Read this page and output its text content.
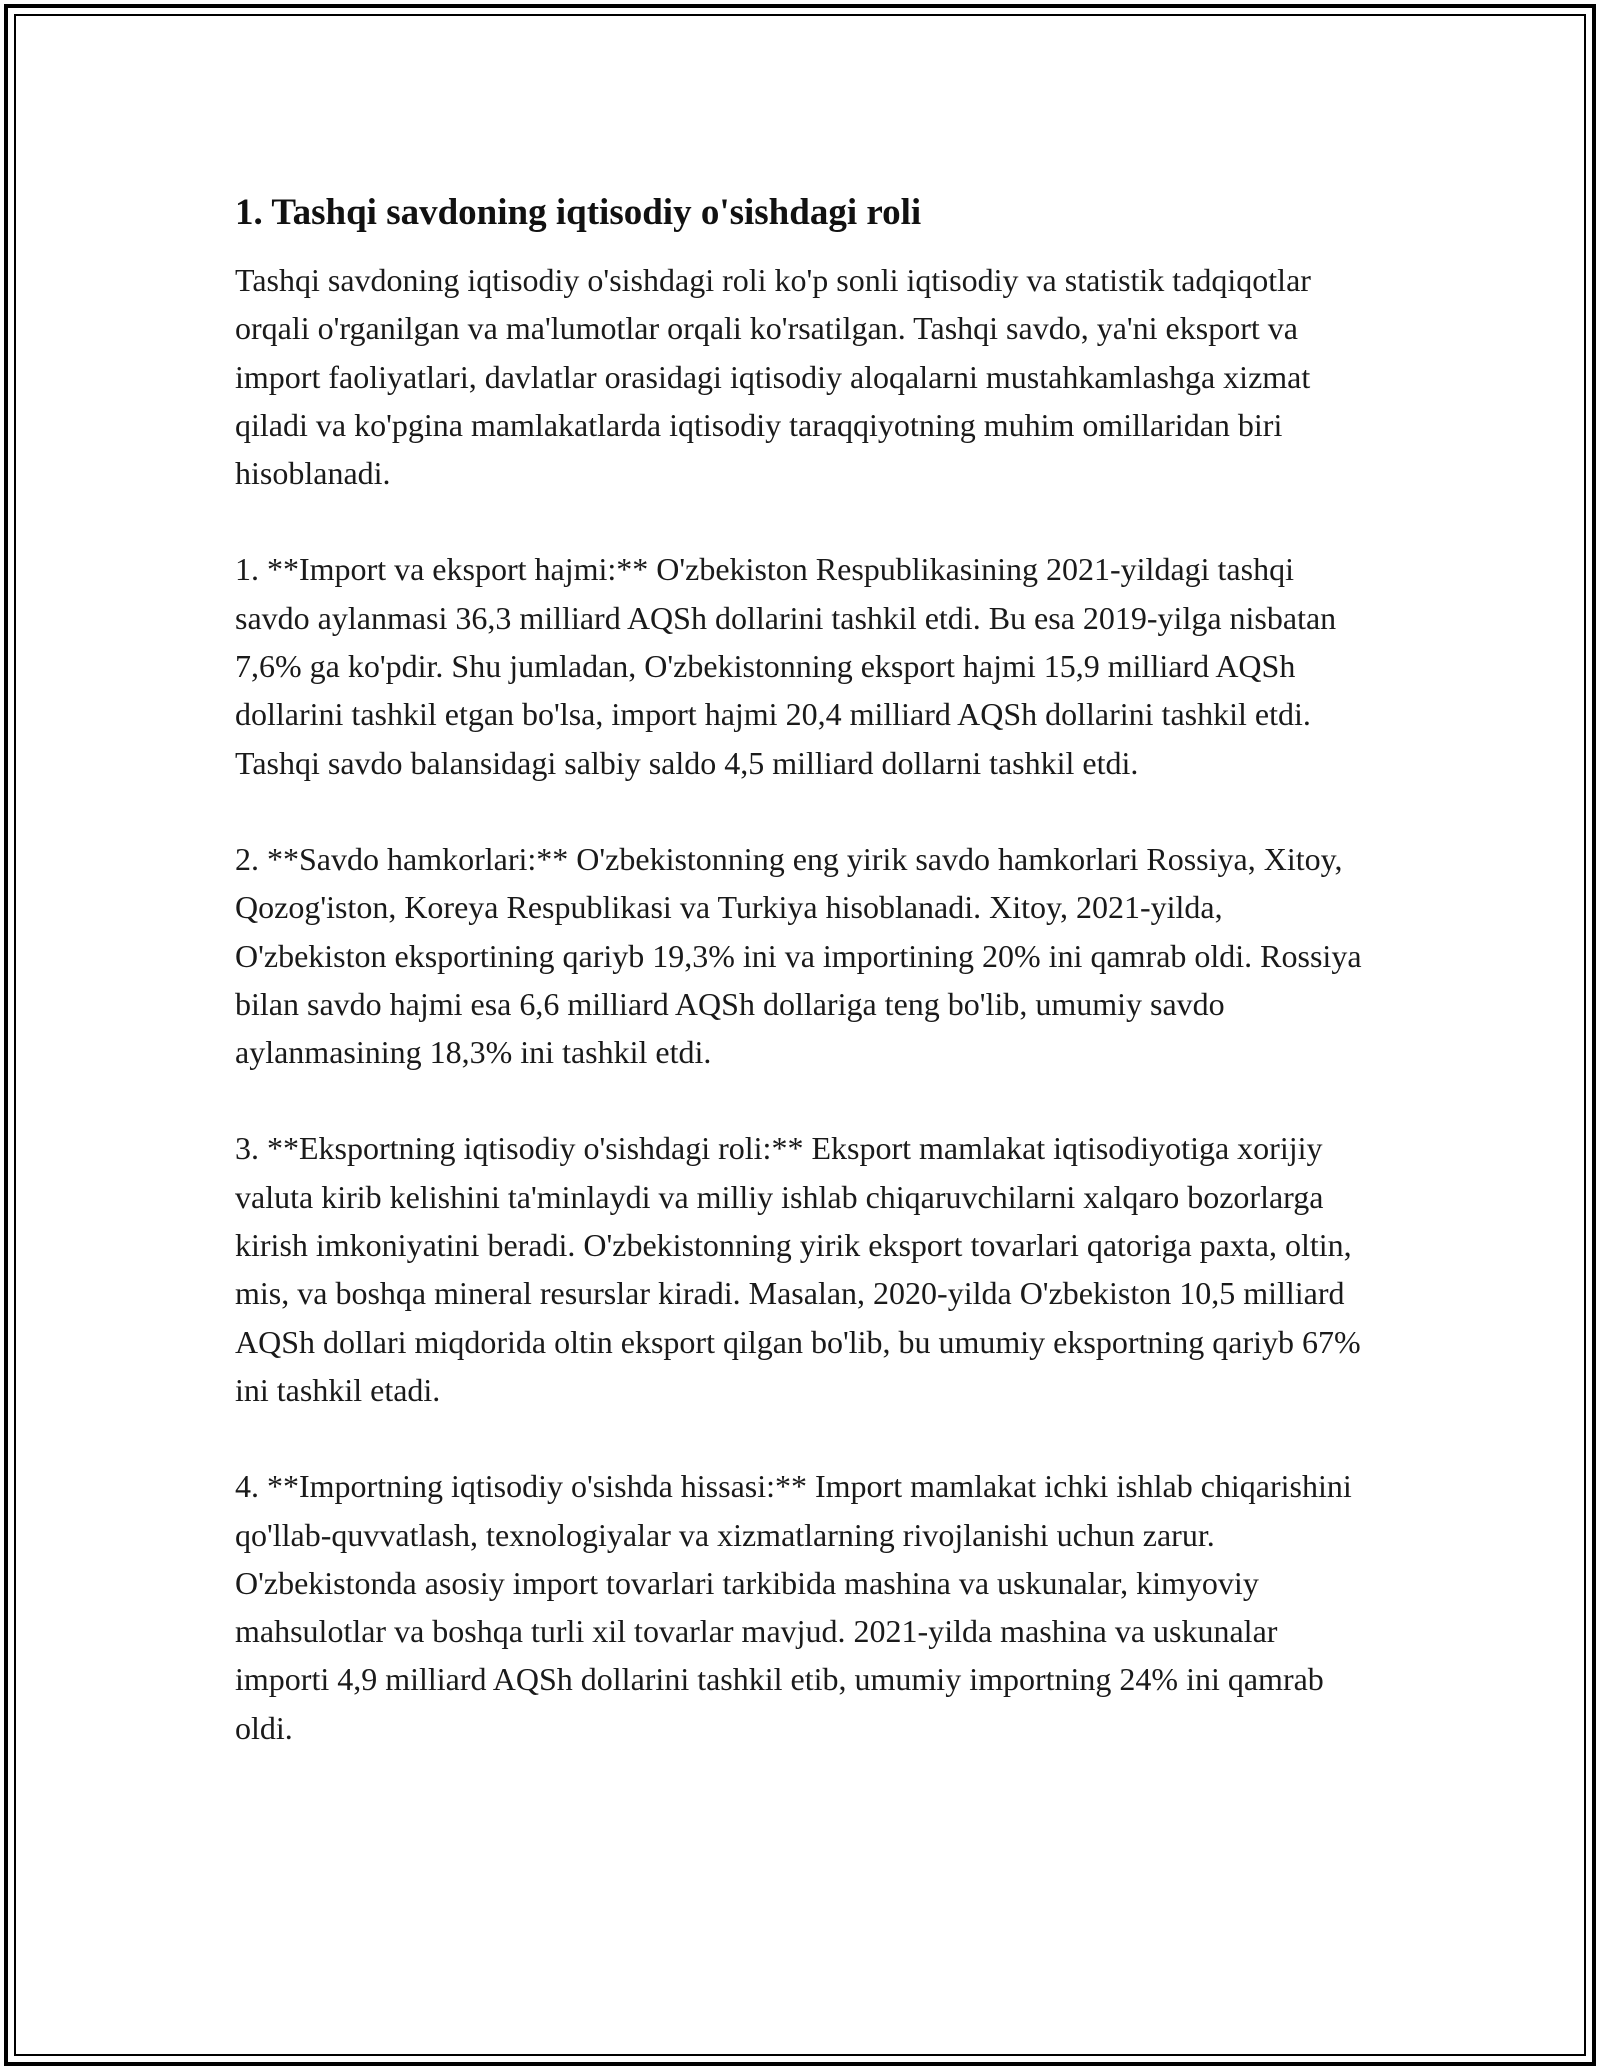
1. Tashqi savdoning iqtisodiy o'sishdagi roli

Tashqi savdoning iqtisodiy o'sishdagi roli ko'p sonli iqtisodiy va statistik tadqiqotlar orqali o'rganilgan va ma'lumotlar orqali ko'rsatilgan. Tashqi savdo, ya'ni eksport va import faoliyatlari, davlatlar orasidagi iqtisodiy aloqalarni mustahkamlashga xizmat qiladi va ko'pgina mamlakatlarda iqtisodiy taraqqiyotning muhim omillaridan biri hisoblanadi.

1. **Import va eksport hajmi:** O'zbekiston Respublikasining 2021-yildagi tashqi savdo aylanmasi 36,3 milliard AQSh dollarini tashkil etdi. Bu esa 2019-yilga nisbatan 7,6% ga ko'pdir. Shu jumladan, O'zbekistonning eksport hajmi 15,9 milliard AQSh dollarini tashkil etgan bo'lsa, import hajmi 20,4 milliard AQSh dollarini tashkil etdi. Tashqi savdo balansidagi salbiy saldo 4,5 milliard dollarni tashkil etdi.

2. **Savdo hamkorlari:** O'zbekistonning eng yirik savdo hamkorlari Rossiya, Xitoy, Qozog'iston, Koreya Respublikasi va Turkiya hisoblanadi. Xitoy, 2021-yilda, O'zbekiston eksportining qariyb 19,3% ini va importining 20% ini qamrab oldi. Rossiya bilan savdo hajmi esa 6,6 milliard AQSh dollariga teng bo'lib, umumiy savdo aylanmasining 18,3% ini tashkil etdi.

3. **Eksportning iqtisodiy o'sishdagi roli:** Eksport mamlakat iqtisodiyotiga xorijiy valuta kirib kelishini ta'minlaydi va milliy ishlab chiqaruvchilarni xalqaro bozorlarga kirish imkoniyatini beradi. O'zbekistonning yirik eksport tovarlari qatoriga paxta, oltin, mis, va boshqa mineral resurslar kiradi. Masalan, 2020-yilda O'zbekiston 10,5 milliard AQSh dollari miqdorida oltin eksport qilgan bo'lib, bu umumiy eksportning qariyb 67% ini tashkil etadi.

4. **Importning iqtisodiy o'sishda hissasi:** Import mamlakat ichki ishlab chiqarishini qo'llab-quvvatlash, texnologiyalar va xizmatlarning rivojlanishi uchun zarur. O'zbekistonda asosiy import tovarlari tarkibida mashina va uskunalar, kimyoviy mahsulotlar va boshqa turli xil tovarlar mavjud. 2021-yilda mashina va uskunalar importi 4,9 milliard AQSh dollarini tashkil etib, umumiy importning 24% ini qamrab oldi.
